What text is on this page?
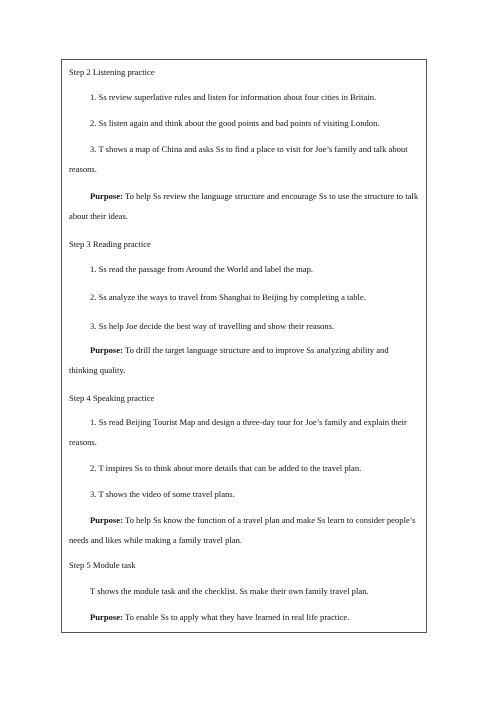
Step 2 Listening practice
1. Ss review superlative rules and listen for information about four cities in Britain.
2. Ss listen again and think about the good points and bad points of visiting London.
3. T shows a map of China and asks Ss to find a place to visit for Joe’s family and talk about
reasons.
Purpose: To help Ss review the language structure and encourage Ss to use the structure to talk
about their ideas.
Step 3 Reading practice
1. Ss read the passage from Around the World and label the map.
2. Ss analyze the ways to travel from Shanghai to Beijing by completing a table.
3. Ss help Joe decide the best way of travelling and show their reasons.
Purpose: To drill the target language structure and to improve Ss analyzing ability and
thinking quality.
Step 4 Speaking practice
1. Ss read Beijing Tourist Map and design a three-day tour for Joe’s family and explain their
reasons.
2. T inspires Ss to think about more details that can be added to the travel plan.
3. T shows the video of some travel plans.
Purpose: To help Ss know the function of a travel plan and make Ss learn to consider people’s
needs and likes while making a family travel plan.
Step 5 Module task
T shows the module task and the checklist. Ss make their own family travel plan.
Purpose: To enable Ss to apply what they have learned in real life practice.
